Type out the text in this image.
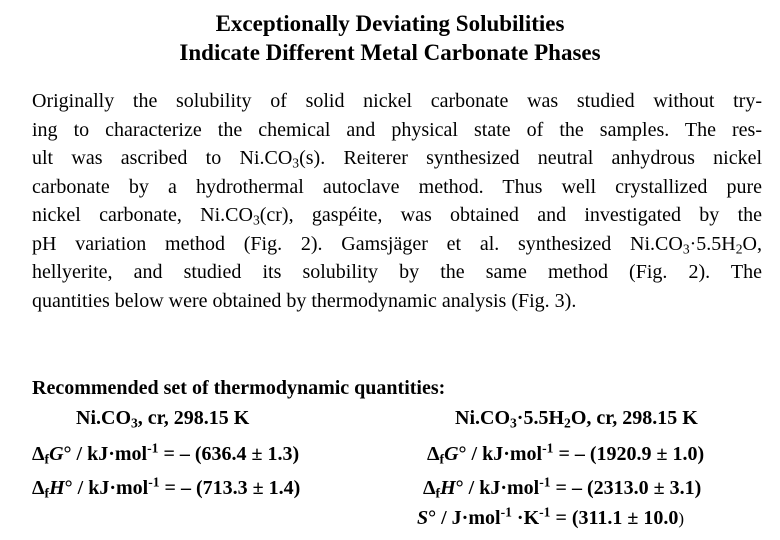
Exceptionally Deviating Solubilities
Indicate Different Metal Carbonate Phases
Originally the solubility of solid nickel carbonate was studied without try-
ing to characterize the chemical and physical state of the samples. The res-
ult was ascribed to $Ni.CO_3(s)$. Reiterer synthesized neutral anhydrous nickel
carbonate by a hydrothermal autoclave method. Thus well crystallized pure
nickel carbonate, $Ni.CO_3(cr)$, gaspéite, was obtained and investigated by the
pH variation method (Fig. 2). Gamsjäger et al. synthesized $Ni.CO_3\cdot 5.5H_2O$,
hellyerite, and studied its solubility by the same method (Fig. 2). The
quantities below were obtained by thermodynamic analysis (Fig. 3).
Recommended set of thermodynamic quantities:
$Ni.CO_3$, cr, 298.15 K
$\Delta_fG^\circ / kJ\cdot mol^{-1}$ = – (636.4 ± 1.3)
$\Delta_fH^\circ / kJ\cdot mol^{-1}$ = – (713.3 ± 1.4)
$Ni.CO_3\cdot 5.5H_2O$, cr, 298.15 K
$\Delta_fG^\circ / kJ\cdot mol^{-1}$ = – (1920.9 ± 1.0)
$\Delta_fH^\circ / kJ\cdot mol^{-1}$ = – (2313.0 ± 3.1)
$S^\circ / J\cdot mol^{-1} \cdot K^{-1} = (311.1 \pm 10.0)$
